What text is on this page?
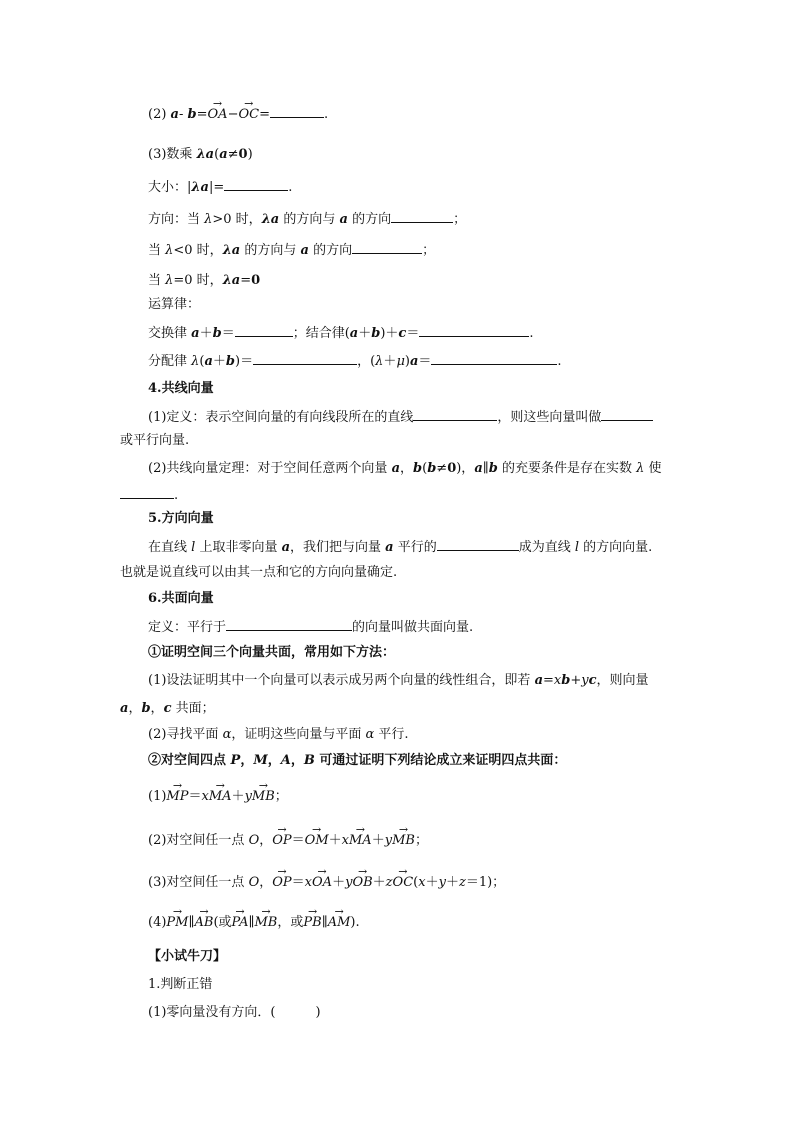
(2) a- b=→ OA−→ OC=	.
(3)数乘 λa(a≠0)
大小：|λa|=	.
方向：当 λ>0 时，λa 的方向与 a 的方向	；
当 λ<0 时，λa 的方向与 a 的方向	；
当 λ=0 时，λa=0
运算律：
交换律 a＋b＝	；结合律(a＋b)＋c＝	.
分配律 λ(a＋b)＝	，(λ＋μ)a＝	.
4.共线向量
(1)定义：表示空间向量的有向线段所在的直线	，则这些向量叫做
或平行向量.
(2)共线向量定理：对于空间任意两个向量 a，b(b≠0)，a∥b 的充要条件是存在实数 λ 使
.
5.方向向量
在直线 l 上取非零向量 a，我们把与向量 a 平行的	成为直线 l 的方向向量.
也就是说直线可以由其一点和它的方向向量确定.
6.共面向量
定义：平行于	的向量叫做共面向量.
①证明空间三个向量共面，常用如下方法：
(1)设法证明其中一个向量可以表示成另两个向量的线性组合，即若 a=xb+yc，则向量
a，b，c 共面；
(2)寻找平面 α，证明这些向量与平面 α 平行.
②对空间四点 P，M，A，B 可通过证明下列结论成立来证明四点共面：
(1)→ MP＝x→ MA＋y→ MB；
(2)对空间任一点 O，→ OP＝→ OM＋x→ MA＋y→ MB；
(3)对空间任一点 O，→ OP＝x→ OA＋y→ OB＋z→ OC(x＋y＋z＝1)；
(4)→ PM∥→ AB(或→ PA∥→ MB，或→ PB∥→ AM).
【小试牛刀】
1.判断正错
(1)零向量没有方向．(	)
